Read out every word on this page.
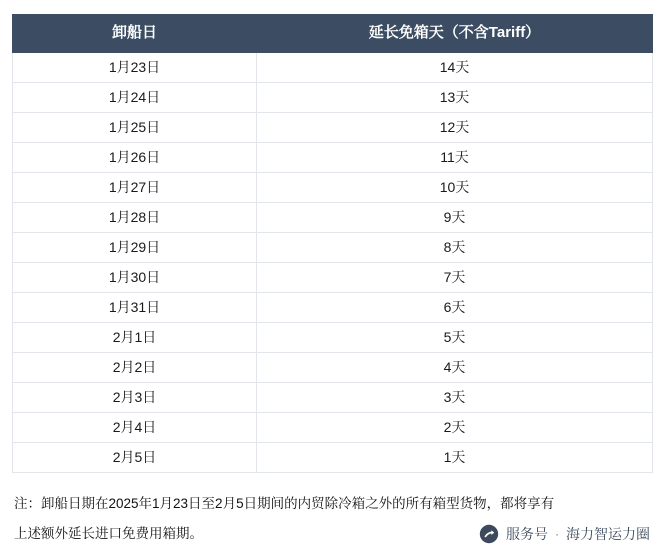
卸船日	延长免箱天（不含Tariff）
1月23日	14天
1月24日	13天
1月25日	12天
1月26日	11天
1月27日	10天
1月28日	9天
1月29日	8天
1月30日	7天
1月31日	6天
2月1日	5天
2月2日	4天
2月3日	3天
2月4日	2天
2月5日	1天

注：卸船日期在2025年1月23日至2月5日期间的内贸除冷箱之外的所有箱型货物，都将享有

上述额外延长进口免费用箱期。	服务号 · 海力智运力圈
